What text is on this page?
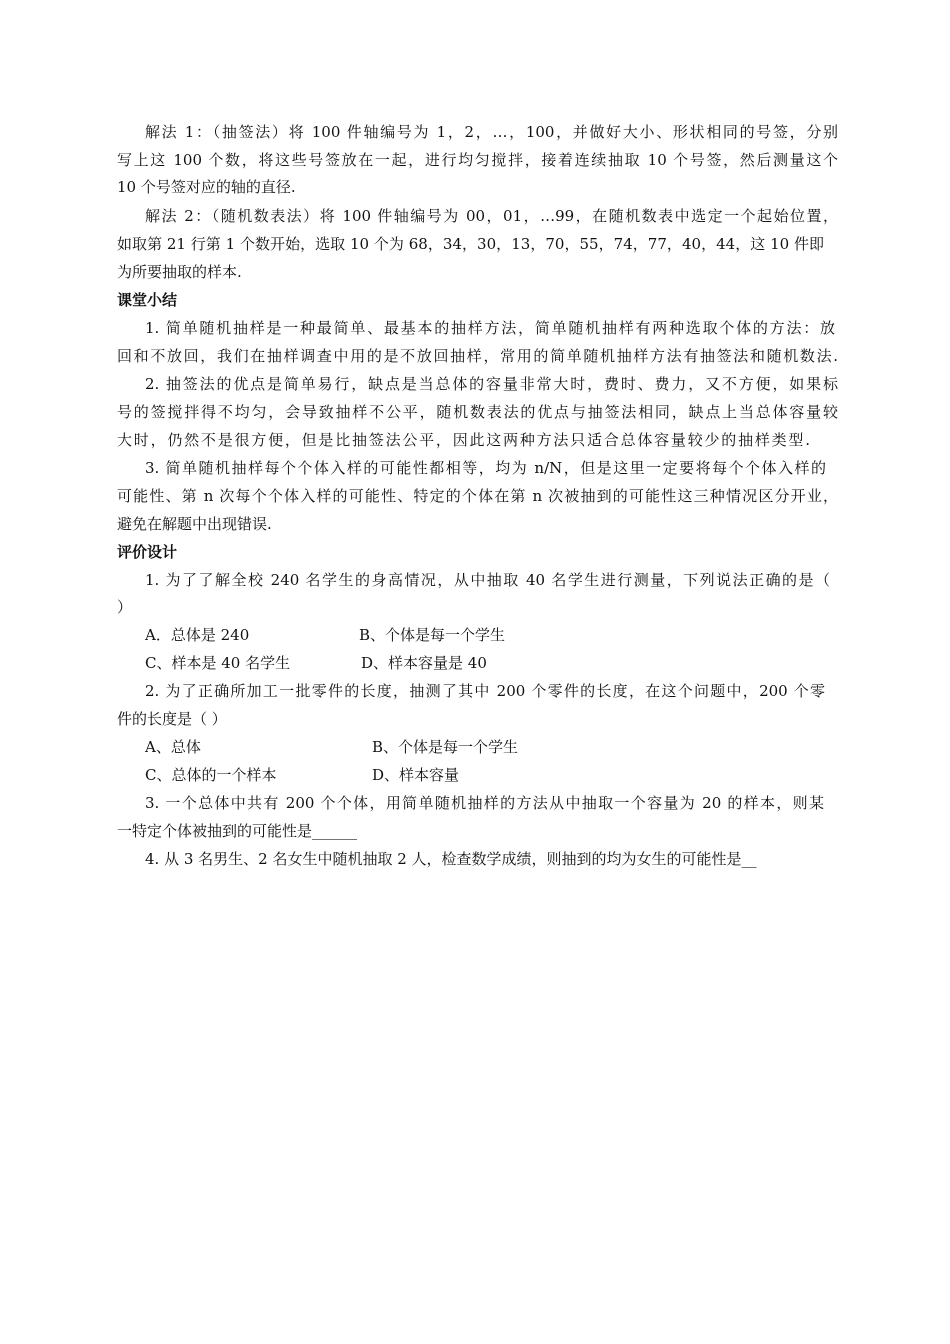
解法 1：（抽签法）将 100 件轴编号为 1，2，…，100，并做好大小、形状相同的号签，分别
写上这 100 个数，将这些号签放在一起，进行均匀搅拌，接着连续抽取 10 个号签，然后测量这个
10 个号签对应的轴的直径.
解法 2：（随机数表法）将 100 件轴编号为 00，01，…99，在随机数表中选定一个起始位置，
如取第 21 行第 1 个数开始，选取 10 个为 68，34，30，13，70，55，74，77，40，44，这 10 件即
为所要抽取的样本.
课堂小结
1. 简单随机抽样是一种最简单、最基本的抽样方法，简单随机抽样有两种选取个体的方法：放
回和不放回，我们在抽样调查中用的是不放回抽样，常用的简单随机抽样方法有抽签法和随机数法.
2. 抽签法的优点是简单易行，缺点是当总体的容量非常大时，费时、费力，又不方便，如果标
号的签搅拌得不均匀，会导致抽样不公平，随机数表法的优点与抽签法相同，缺点上当总体容量较
大时，仍然不是很方便，但是比抽签法公平，因此这两种方法只适合总体容量较少的抽样类型.
3. 简单随机抽样每个个体入样的可能性都相等，均为 n/N，但是这里一定要将每个个体入样的
可能性、第 n 次每个个体入样的可能性、特定的个体在第 n 次被抽到的可能性这三种情况区分开业，
避免在解题中出现错误.
评价设计
1. 为了了解全校 240 名学生的身高情况，从中抽取 40 名学生进行测量，下列说法正确的是（
）
A．总体是 240	B、个体是每一个学生
C、样本是 40 名学生	D、样本容量是 40
2. 为了正确所加工一批零件的长度，抽测了其中 200 个零件的长度，在这个问题中，200 个零
件的长度是（ ）
A、总体	B、个体是每一个学生
C、总体的一个样本	D、样本容量
3. 一个总体中共有 200 个个体，用简单随机抽样的方法从中抽取一个容量为 20 的样本，则某
一特定个体被抽到的可能性是______
4. 从 3 名男生、2 名女生中随机抽取 2 人，检查数学成绩，则抽到的均为女生的可能性是__
